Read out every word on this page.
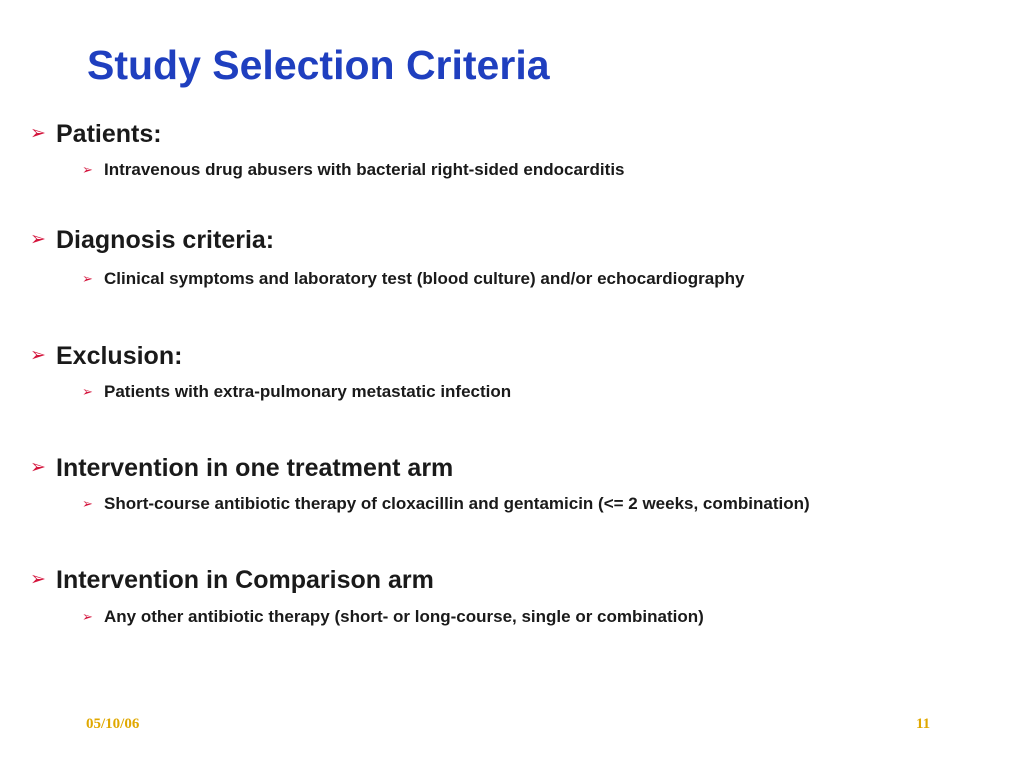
Study Selection Criteria
➢ Patients:
➢ Intravenous drug abusers with bacterial right-sided endocarditis
➢ Diagnosis criteria:
➢ Clinical symptoms and laboratory test (blood culture) and/or echocardiography
➢ Exclusion:
➢ Patients with extra-pulmonary metastatic infection
➢ Intervention in one treatment arm
➢ Short-course antibiotic therapy of cloxacillin and gentamicin (<= 2 weeks, combination)
➢ Intervention in Comparison arm
➢ Any other antibiotic therapy (short- or long-course, single or combination)
05/10/06	11
